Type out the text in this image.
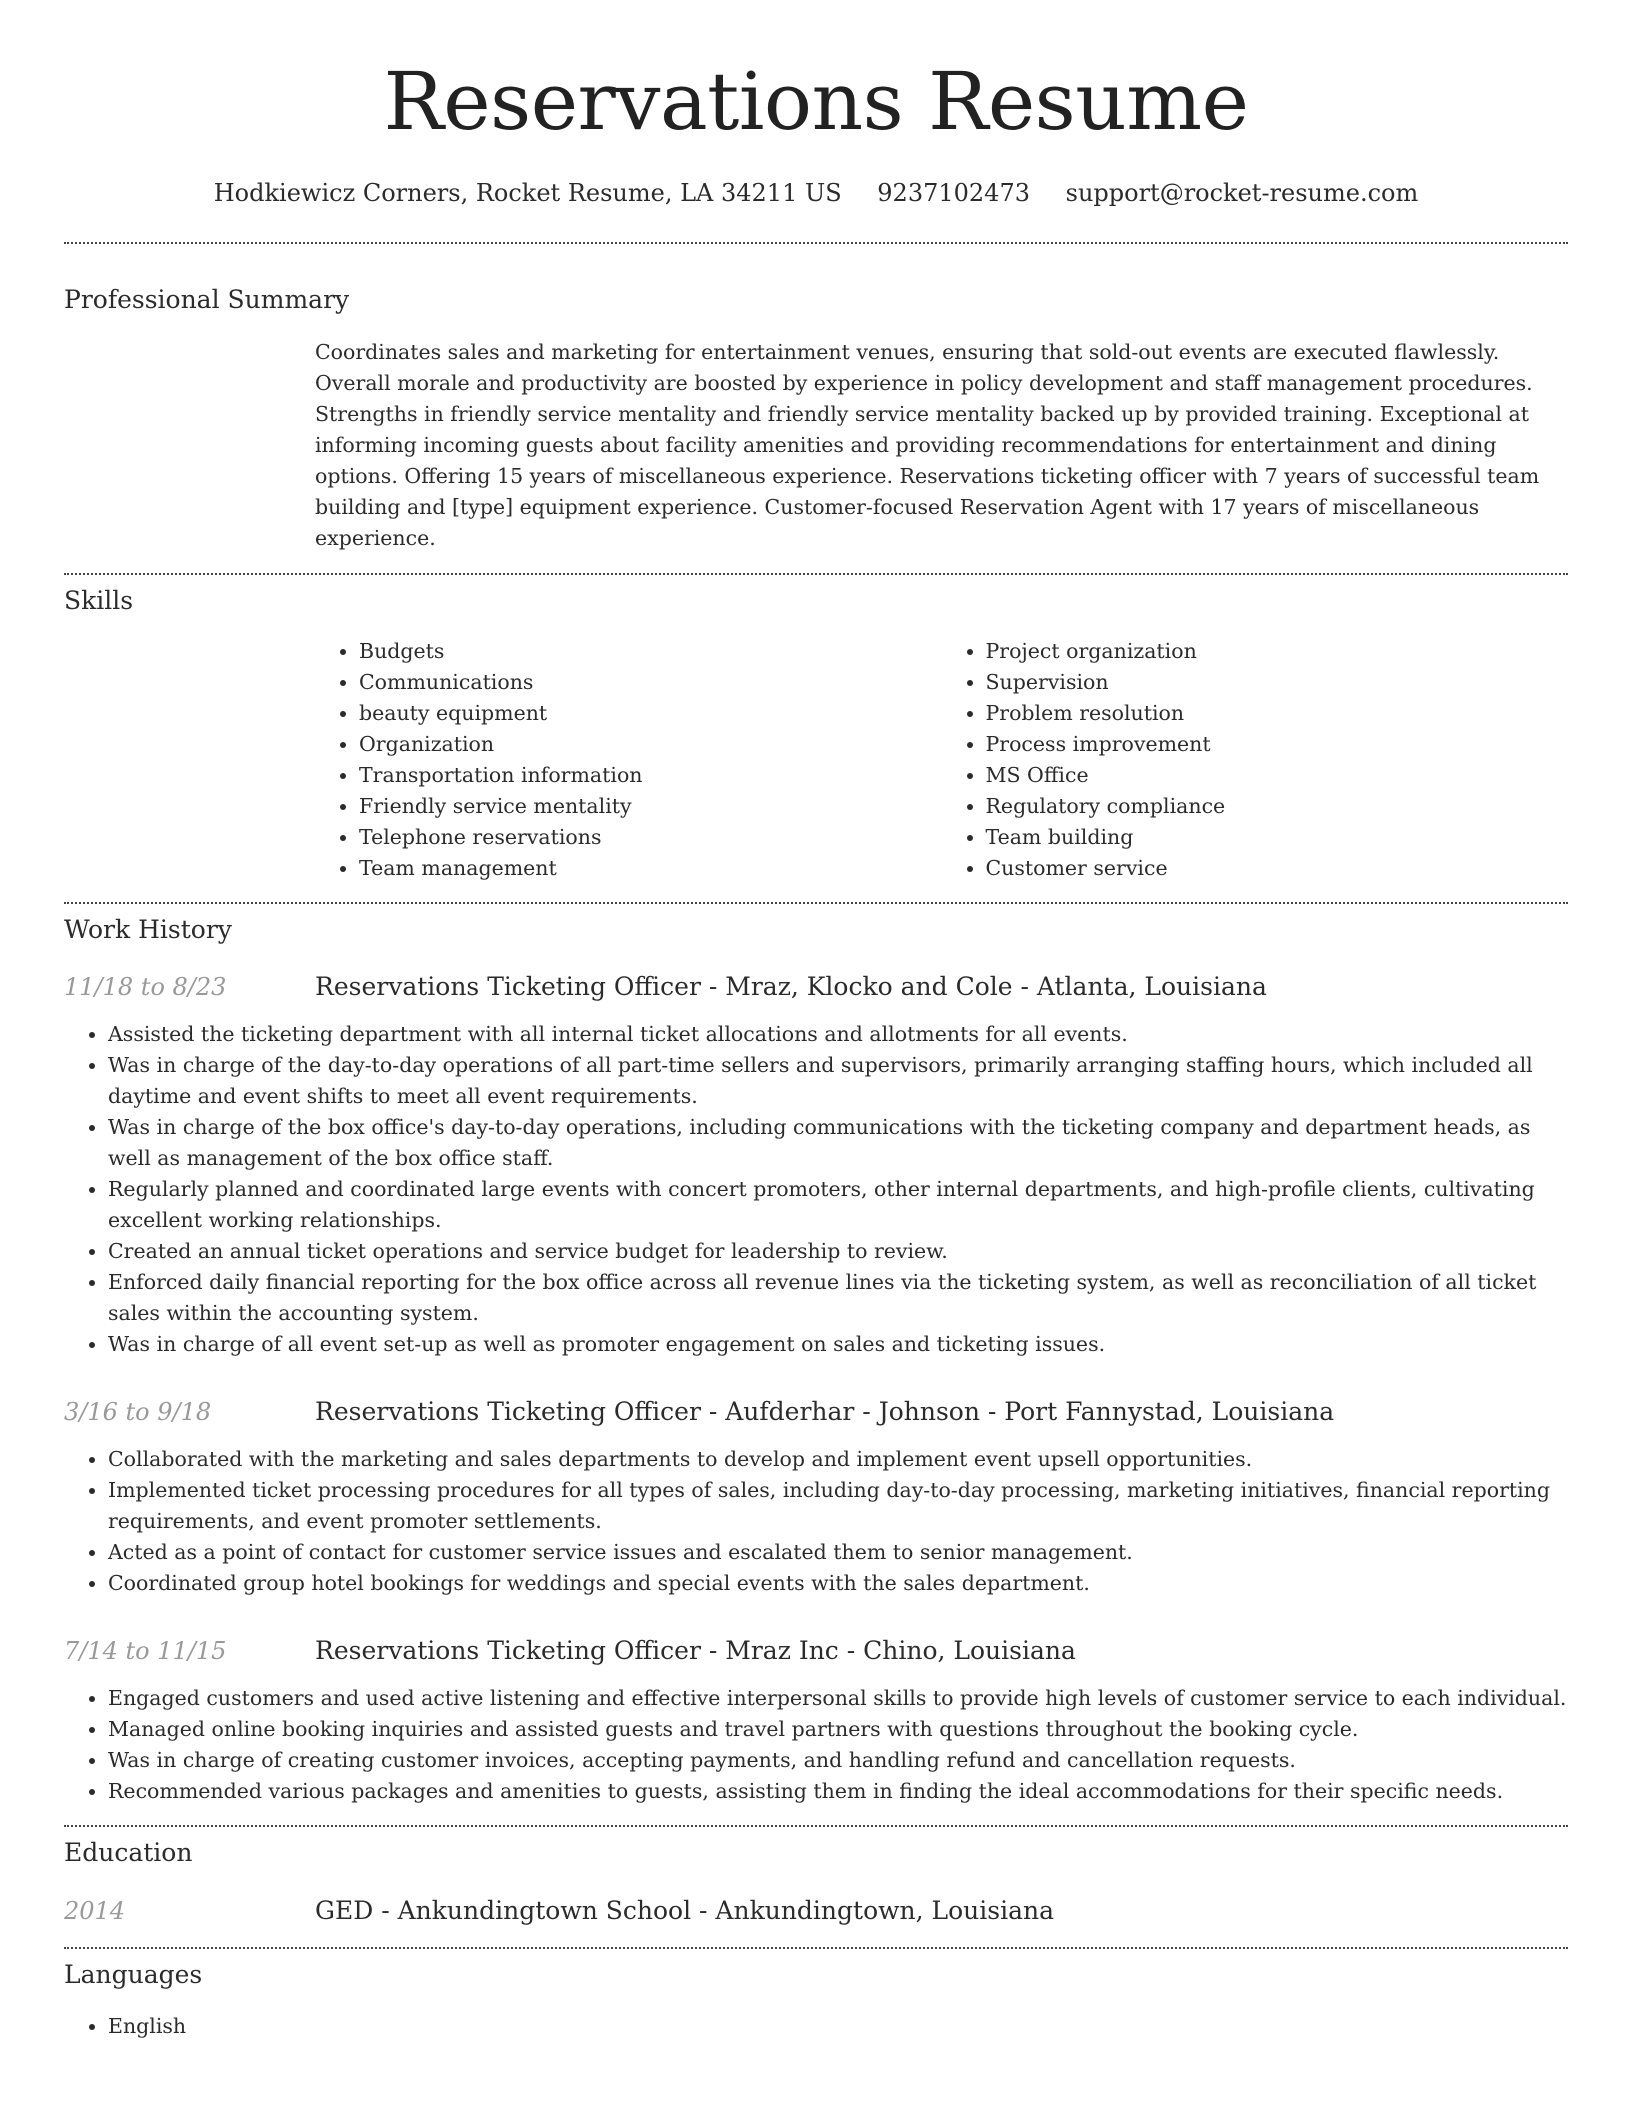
Reservations Resume
Hodkiewicz Corners, Rocket Resume, LA 34211 US 9237102473 support@rocket-resume.com
Professional Summary
Coordinates sales and marketing for entertainment venues, ensuring that sold-out events are executed flawlessly. Overall morale and productivity are boosted by experience in policy development and staff management procedures. Strengths in friendly service mentality and friendly service mentality backed up by provided training. Exceptional at informing incoming guests about facility amenities and providing recommendations for entertainment and dining options. Offering 15 years of miscellaneous experience. Reservations ticketing officer with 7 years of successful team building and [type] equipment experience. Customer-focused Reservation Agent with 17 years of miscellaneous experience.
Skills
• Budgets
• Communications
• beauty equipment
• Organization
• Transportation information
• Friendly service mentality
• Telephone reservations
• Team management
• Project organization
• Supervision
• Problem resolution
• Process improvement
• MS Office
• Regulatory compliance
• Team building
• Customer service
Work History
11/18 to 8/23	Reservations Ticketing Officer - Mraz, Klocko and Cole - Atlanta, Louisiana
• Assisted the ticketing department with all internal ticket allocations and allotments for all events.
• Was in charge of the day-to-day operations of all part-time sellers and supervisors, primarily arranging staffing hours, which included all daytime and event shifts to meet all event requirements.
• Was in charge of the box office's day-to-day operations, including communications with the ticketing company and department heads, as well as management of the box office staff.
• Regularly planned and coordinated large events with concert promoters, other internal departments, and high-profile clients, cultivating excellent working relationships.
• Created an annual ticket operations and service budget for leadership to review.
• Enforced daily financial reporting for the box office across all revenue lines via the ticketing system, as well as reconciliation of all ticket sales within the accounting system.
• Was in charge of all event set-up as well as promoter engagement on sales and ticketing issues.
3/16 to 9/18	Reservations Ticketing Officer - Aufderhar - Johnson - Port Fannystad, Louisiana
• Collaborated with the marketing and sales departments to develop and implement event upsell opportunities.
• Implemented ticket processing procedures for all types of sales, including day-to-day processing, marketing initiatives, financial reporting requirements, and event promoter settlements.
• Acted as a point of contact for customer service issues and escalated them to senior management.
• Coordinated group hotel bookings for weddings and special events with the sales department.
7/14 to 11/15	Reservations Ticketing Officer - Mraz Inc - Chino, Louisiana
• Engaged customers and used active listening and effective interpersonal skills to provide high levels of customer service to each individual.
• Managed online booking inquiries and assisted guests and travel partners with questions throughout the booking cycle.
• Was in charge of creating customer invoices, accepting payments, and handling refund and cancellation requests.
• Recommended various packages and amenities to guests, assisting them in finding the ideal accommodations for their specific needs.
Education
2014	GED - Ankundingtown School - Ankundingtown, Louisiana
Languages
• English
